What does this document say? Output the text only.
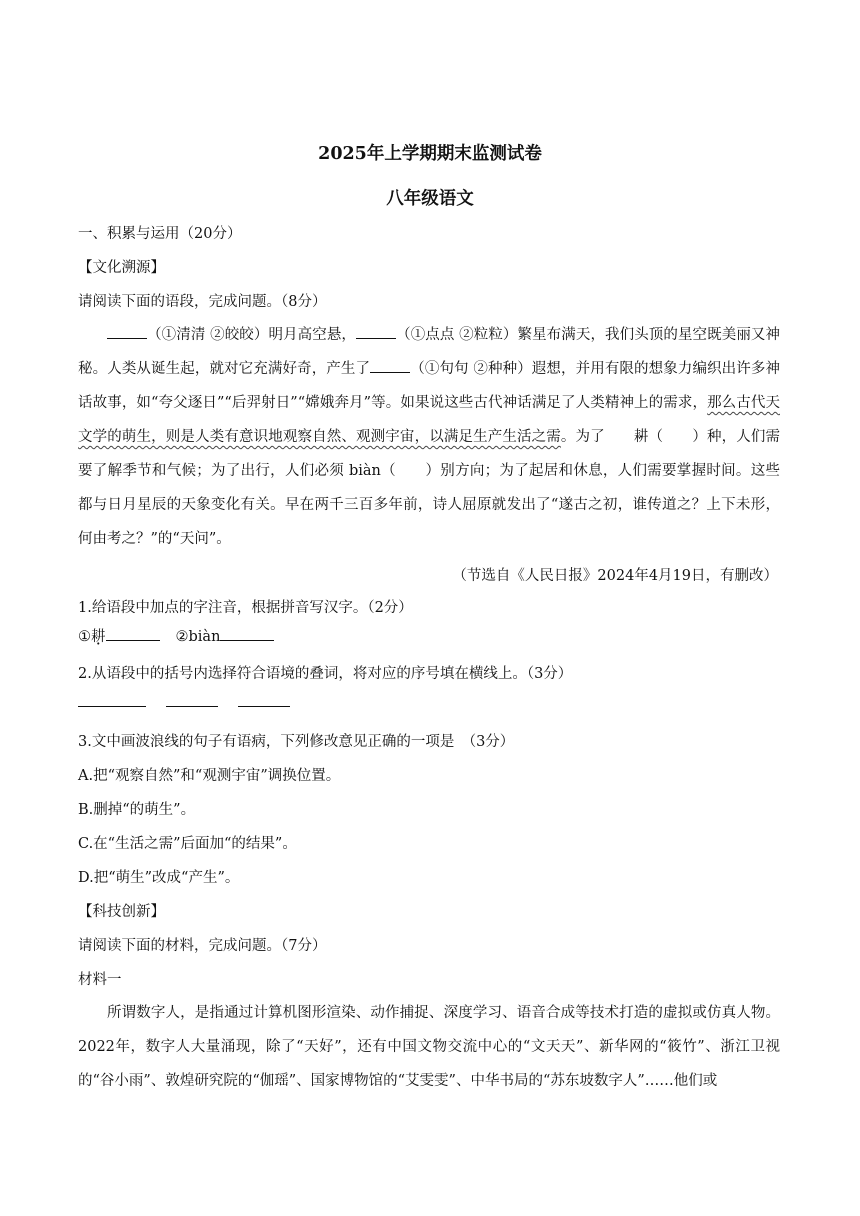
2025年上学期期末监测试卷
八年级语文
一、积累与运用（20分）
【文化溯源】
请阅读下面的语段，完成问题。（8分）
（①清清 ②皎皎）明月高空悬，	（①点点 ②粒粒）繁星布满天，我们头顶的星空既美丽又神秘。人类从诞生起，就对它充满好奇，产生了	（①句句 ②种种）遐想，并用有限的想象力编织出许多神话故事，如“夸父逐日”“后羿射日”“嫦娥奔月”等。如果说这些古代神话满足了人类精神上的需求，那么古代天文学的萌生，则是人类有意识地观察自然、观测宇宙，以满足生产生活之需。为了 耕 ·（　　）种，人们需要了解季节和气候；为了出行，人们必须 biàn（　　）别方向；为了起居和休息，人们需要掌握时间。这些都与日月星辰的天象变化有关。早在两千三百多年前，诗人屈原就发出了“遂古之初，谁传道之？上下未形，何由考之？”的“天问”。
（节选自《人民日报》2024年4月19日，有删改）
1.给语段中加点的字注音，根据拼音写汉字。（2分）
①耕	②biàn
2.从语段中的括号内选择符合语境的叠词，将对应的序号填在横线上。（3分）
3.文中画波浪线的句子有语病，下列修改意见正确的一项是　（3分）
A.把“观察自然”和“观测宇宙”调换位置。
B.删掉“的萌生”。
C.在“生活之需”后面加“的结果”。
D.把“萌生”改成“产生”。
【科技创新】
请阅读下面的材料，完成问题。（7分）
材料一
所谓数字人，是指通过计算机图形渲染、动作捕捉、深度学习、语音合成等技术打造的虚拟或仿真人物。2022年，数字人大量涌现，除了“天好”，还有中国文物交流中心的“文天天”、新华网的“筱竹”、浙江卫视的“谷小雨”、敦煌研究院的“伽瑶”、国家博物馆的“艾雯雯”、中华书局的“苏东坡数字人”……他们或
